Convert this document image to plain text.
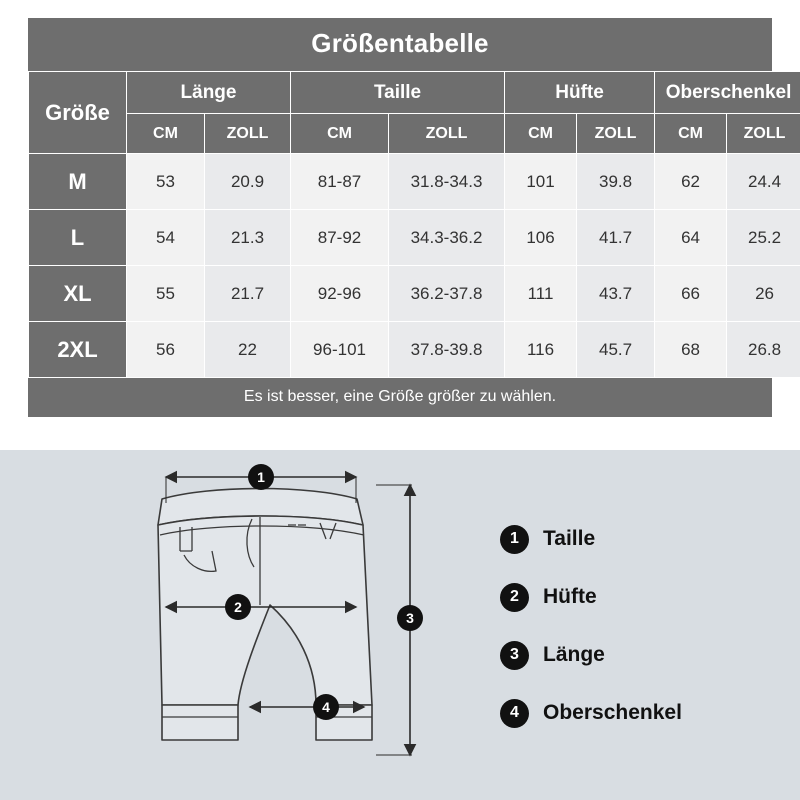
Größentabelle
Größe	Länge		Taille		Hüfte		Oberschenkel	
	CM	ZOLL	CM	ZOLL	CM	ZOLL	CM	ZOLL
M	53	20.9	81-87	31.8-34.3	101	39.8	62	24.4
L	54	21.3	87-92	34.3-36.2	106	41.7	64	25.2
XL	55	21.7	92-96	36.2-37.8	111	43.7	66	26
2XL	56	22	96-101	37.8-39.8	116	45.7	68	26.8
Es ist besser, eine Größe größer zu wählen.
1
2
3
4
1	Taille
2	Hüfte
3	Länge
4	Oberschenkel
